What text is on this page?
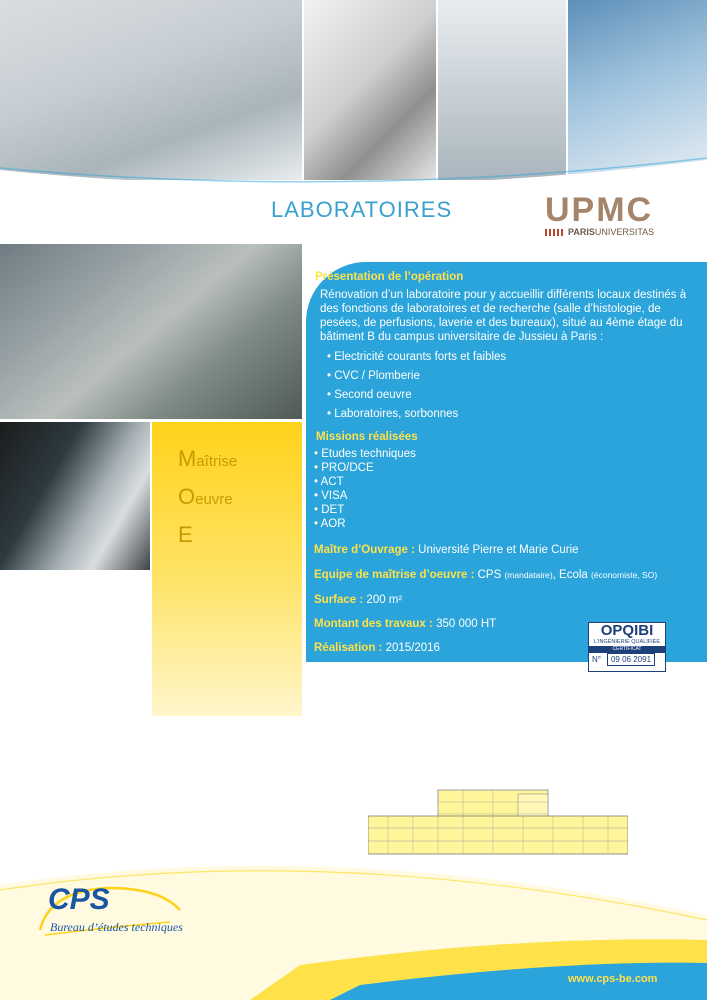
LABORATOIRES	UPMC
PARISUNIVERSITAS
Maîtrise
Oeuvre
E
Présentation de l’opération
Rénovation d’un laboratoire pour y accueillir différents locaux destinés à des fonctions de laboratoires et de recherche (salle d’histologie, de pesées, de perfusions, laverie et des bureaux), situé au 4ème étage du bâtiment B du campus universitaire de Jussieu à Paris :
• Electricité courants forts et faibles
• CVC / Plomberie
• Second oeuvre
• Laboratoires, sorbonnes
Missions réalisées
• Etudes techniques
• PRO/DCE
• ACT
• VISA
• DET
• AOR
Maître d’Ouvrage : Université Pierre et Marie Curie
Equipe de maîtrise d’oeuvre : CPS (mandataire), Ecola (économiste, SO)
Surface : 200 m²
Montant des travaux : 350 000 HT
Réalisation : 2015/2016
OPQIBI
L’INGÉNIERIE QUALIFIÉE
CERTIFICAT
N° 09 06 2091
CPS
Bureau d’études techniques
www.cps-be.com
